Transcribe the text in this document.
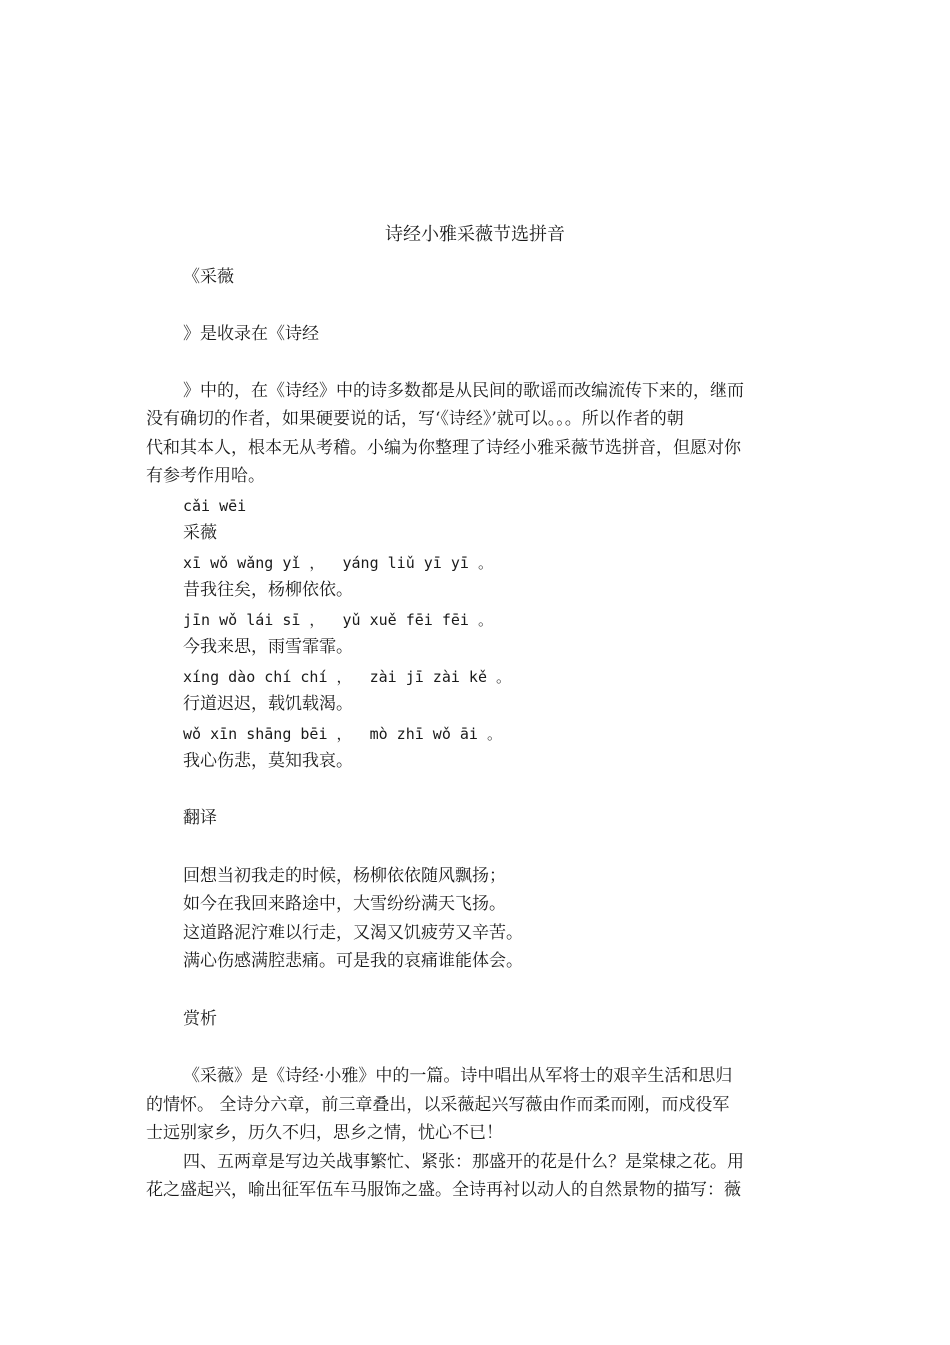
诗经小雅采薇节选拼音
《采薇
》是收录在《诗经
》中的，在《诗经》中的诗多数都是从民间的歌谣而改编流传下来的，继而
没有确切的作者，如果硬要说的话，写‘《诗经》’就可以。。。所以作者的朝
代和其本人，根本无从考稽。小编为你整理了诗经小雅采薇节选拼音，但愿对你
有参考作用哈。
cǎi wēi
采薇
xī wǒ wǎng yǐ ，  yáng liǔ yī yī 。
昔我往矣，杨柳依依。
jīn wǒ lái sī ，  yǔ xuě fēi fēi 。
今我来思，雨雪霏霏。
xíng dào chí chí ，  zài jī zài kě 。
行道迟迟，载饥载渴。
wǒ xīn shāng bēi ，  mò zhī wǒ āi 。
我心伤悲，莫知我哀。
翻译
回想当初我走的时候，杨柳依依随风飘扬；
如今在我回来路途中，大雪纷纷满天飞扬。
这道路泥泞难以行走，又渴又饥疲劳又辛苦。
满心伤感满腔悲痛。可是我的哀痛谁能体会。
赏析
《采薇》是《诗经·小雅》中的一篇。诗中唱出从军将士的艰辛生活和思归
的情怀。 全诗分六章，前三章叠出，以采薇起兴写薇由作而柔而刚，而戍役军
士远别家乡，历久不归，思乡之情，忧心不已！
四、五两章是写边关战事繁忙、紧张：那盛开的花是什么？是棠棣之花。用
花之盛起兴，喻出征军伍车马服饰之盛。全诗再衬以动人的自然景物的描写：薇
